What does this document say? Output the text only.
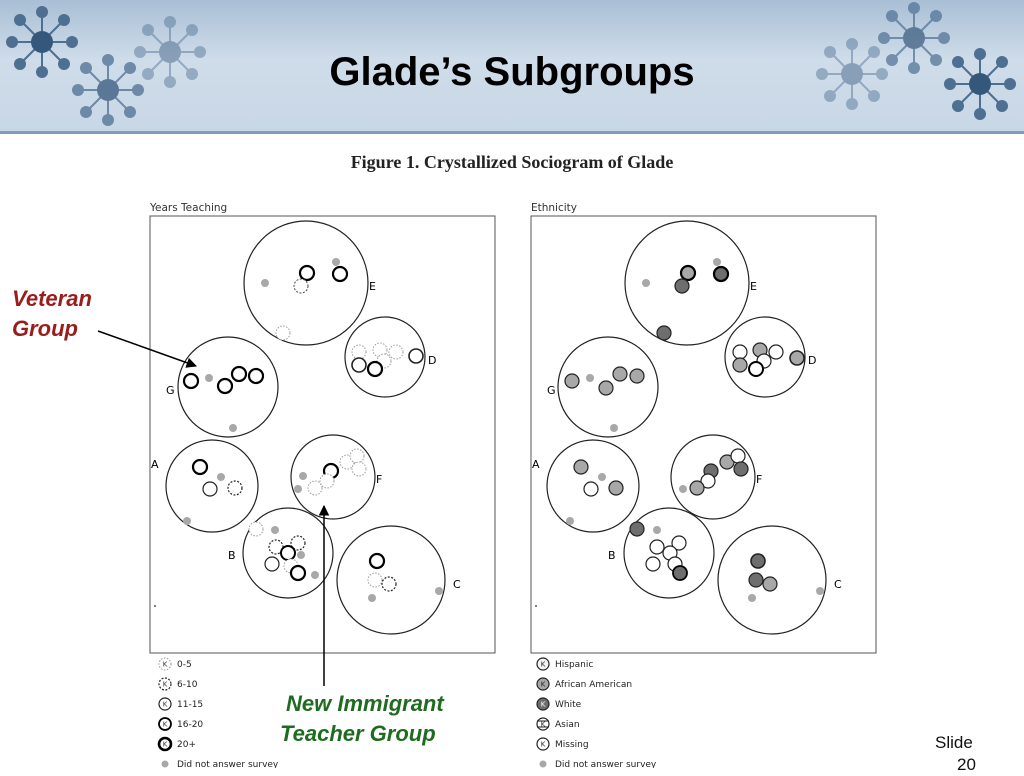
Glade’s Subgroups
Figure 1. Crystallized Sociogram of Glade
Years Teaching	Ethnicity
E
D
G
A
F
B
C
E
D
G
A
F
B
C
K
K
K
K
K
0-5
6-10
11-15
16-20
20+
Did not answer survey
K
K
K
K
K
Hispanic
African American
White
Asian
Missing
Did not answer survey
Veteran
Group
New Immigrant
Teacher Group	Slide
20
